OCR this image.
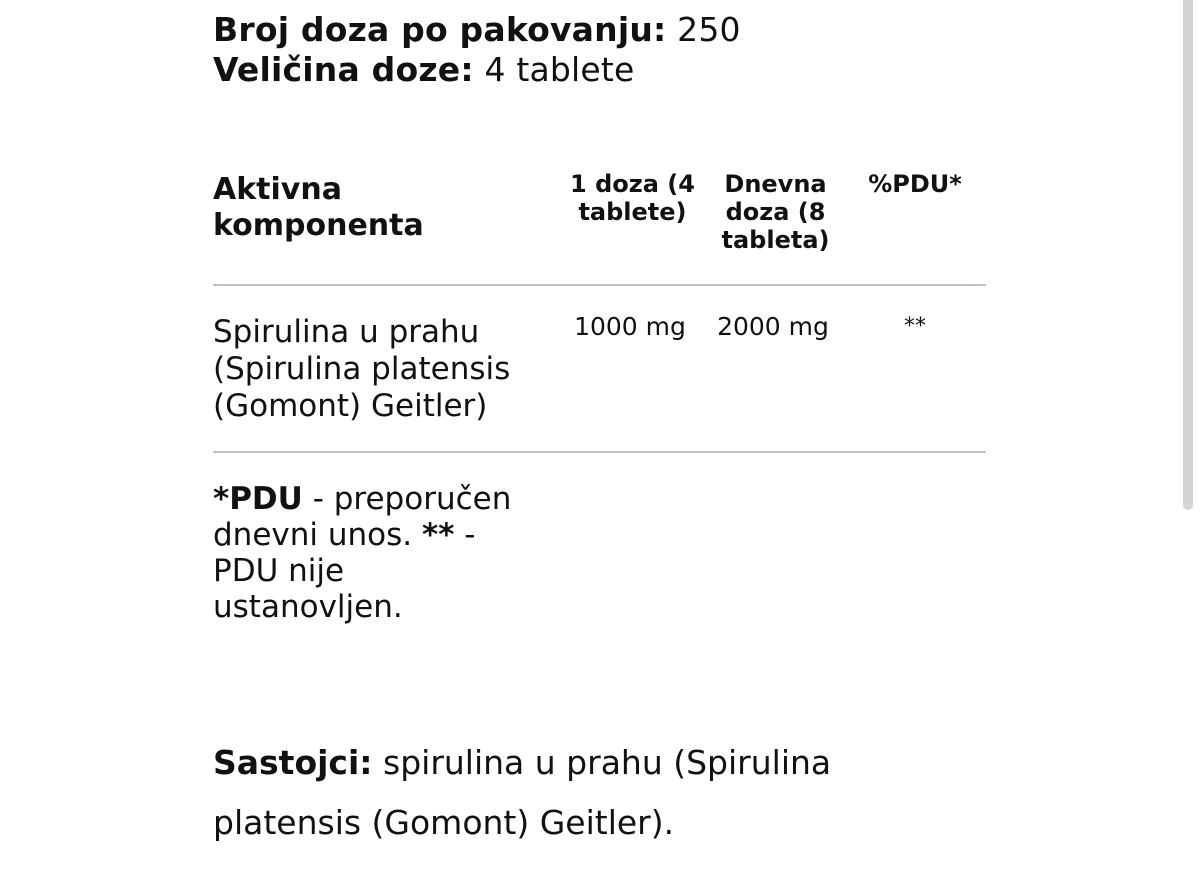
Broj doza po pakovanju: 250
Veličina doze: 4 tablete
Aktivna komponenta
1 doza (4 tablete)
Dnevna doza (8 tableta)
%PDU*
Spirulina u prahu (Spirulina platensis (Gomont) Geitler)
1000 mg	2000 mg	**
*PDU - preporučen dnevni unos. ** - PDU nije ustanovljen.
Sastojci: spirulina u prahu (Spirulina platensis (Gomont) Geitler).
